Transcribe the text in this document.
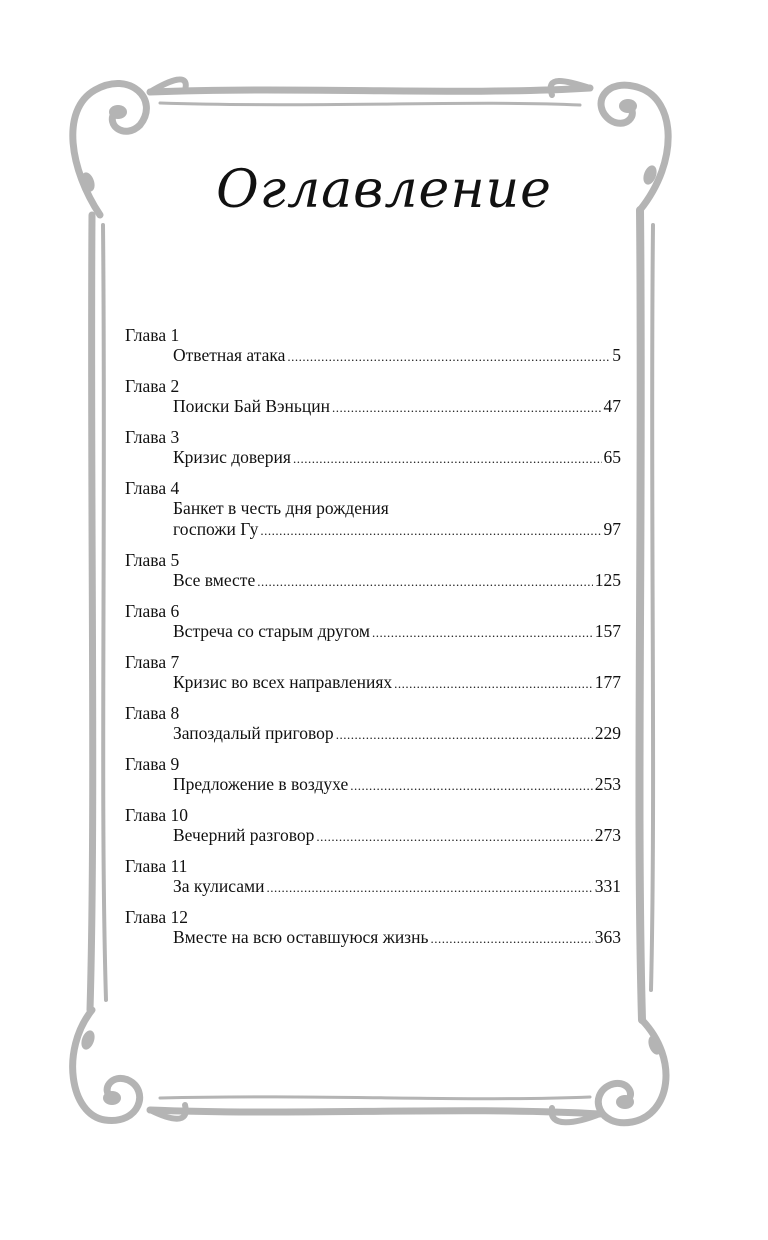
Оглавление
Глава 1
Ответная атака .....	5
Глава 2
Поиски Бай Вэньцин .....	47
Глава 3
Кризис доверия .....	65
Глава 4
Банкет в честь дня рождения
госпожи Гу .....	97
Глава 5
Все вместе .....	125
Глава 6
Встреча со старым другом .....	157
Глава 7
Кризис во всех направлениях .....	177
Глава 8
Запоздалый приговор .....	229
Глава 9
Предложение в воздухе .....	253
Глава 10
Вечерний разговор .....	273
Глава 11
За кулисами .....	331
Глава 12
Вместе на всю оставшуюся жизнь .....	363
